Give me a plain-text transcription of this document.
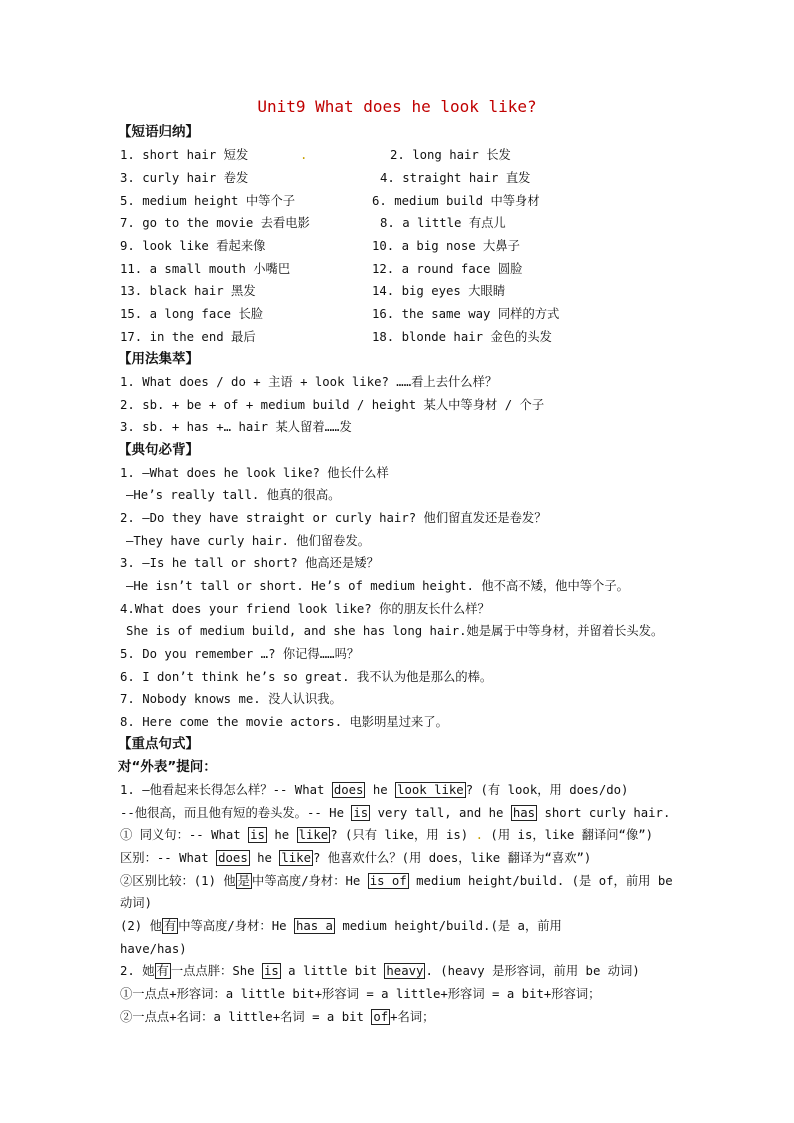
Unit9 What does he look like?
【短语归纳】
1. short hair 短发	.	2. long hair 长发
3. curly hair 卷发	4. straight hair 直发
5. medium height 中等个子	6. medium build 中等身材
7. go to the movie 去看电影	8. a little 有点儿
9. look like 看起来像	10. a big nose 大鼻子
11. a small mouth 小嘴巴	12. a round face 圆脸
13. black hair 黑发	14. big eyes 大眼睛
15. a long face 长脸	16. the same way 同样的方式
17. in the end 最后	18. blonde hair 金色的头发
【用法集萃】
1. What does / do + 主语 + look like? ……看上去什么样？
2. sb. + be + of + medium build / height 某人中等身材 / 个子
3. sb. + has +… hair 某人留着……发
【典句必背】
1. —What does he look like? 他长什么样
—He’s really tall. 他真的很高。
2. —Do they have straight or curly hair? 他们留直发还是卷发？
—They have curly hair. 他们留卷发。
3. —Is he tall or short? 他高还是矮？
—He isn’t tall or short. He’s of medium height. 他不高不矮，他中等个子。
4.What does your friend look like? 你的朋友长什么样？
She is of medium build, and she has long hair.她是属于中等身材，并留着长头发。
5. Do you remember …? 你记得……吗？
6. I don’t think he’s so great. 我不认为他是那么的棒。
7. Nobody knows me. 没人认识我。
8. Here come the movie actors. 电影明星过来了。
【重点句式】
对“外表”提问：
1. –他看起来长得怎么样？-- What does he look like ? (有 look，用 does/do)
--他很高，而且他有短的卷头发。-- He is very tall, and he has short curly hair.
① 同义句：-- What is he like ? (只有 like，用 is) . (用 is，like 翻译问“像”)
区别：-- What does he like ? 他喜欢什么？(用 does，like 翻译为“喜欢”)
②区别比较：(1) 他 是 中等高度/身材：He is of medium height/build. (是 of，前用 be
动词)
(2) 他 有 中等高度/身材：He has a medium height/build.(是 a，前用
have/has)
2. 她 有 一点点胖：She is a little bit heavy . (heavy 是形容词，前用 be 动词)
①一点点+形容词：a little bit+形容词 = a little+形容词 = a bit+形容词；
②一点点+名词：a little+名词 = a bit of +名词；
